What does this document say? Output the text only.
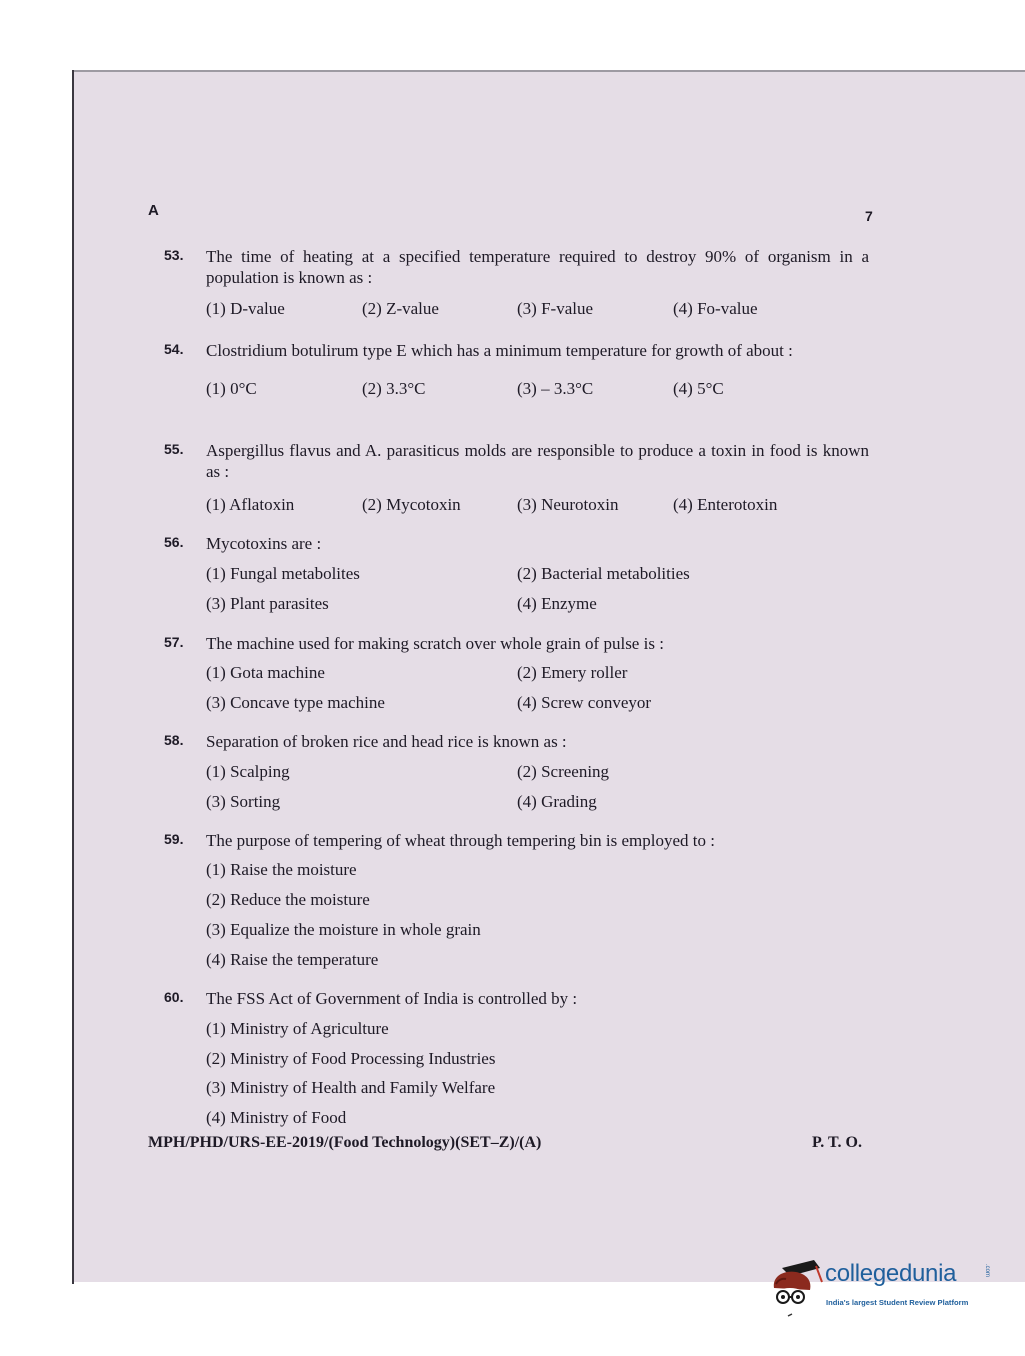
A	7
53. The time of heating at a specified temperature required to destroy 90% of organism in a population is known as :
(1) D-value	(2) Z-value	(3) F-value	(4) Fo-value
54. Clostridium botulirum type E which has a minimum temperature for growth of about :
(1) 0°C	(2) 3.3°C	(3) – 3.3°C	(4) 5°C
55. Aspergillus flavus and A. parasiticus molds are responsible to produce a toxin in food is known as :
(1) Aflatoxin	(2) Mycotoxin	(3) Neurotoxin	(4) Enterotoxin
56. Mycotoxins are :
(1) Fungal metabolites	(2) Bacterial metabolities
(3) Plant parasites	(4) Enzyme
57. The machine used for making scratch over whole grain of pulse is :
(1) Gota machine	(2) Emery roller
(3) Concave type machine	(4) Screw conveyor
58. Separation of broken rice and head rice is known as :
(1) Scalping	(2) Screening
(3) Sorting	(4) Grading
59. The purpose of tempering of wheat through tempering bin is employed to :
(1) Raise the moisture
(2) Reduce the moisture
(3) Equalize the moisture in whole grain
(4) Raise the temperature
60. The FSS Act of Government of India is controlled by :
(1) Ministry of Agriculture
(2) Ministry of Food Processing Industries
(3) Ministry of Health and Family Welfare
(4) Ministry of Food
MPH/PHD/URS-EE-2019/(Food Technology)(SET–Z)/(A)	P. T. O.
collegedunia	.com
India's largest Student Review Platform
